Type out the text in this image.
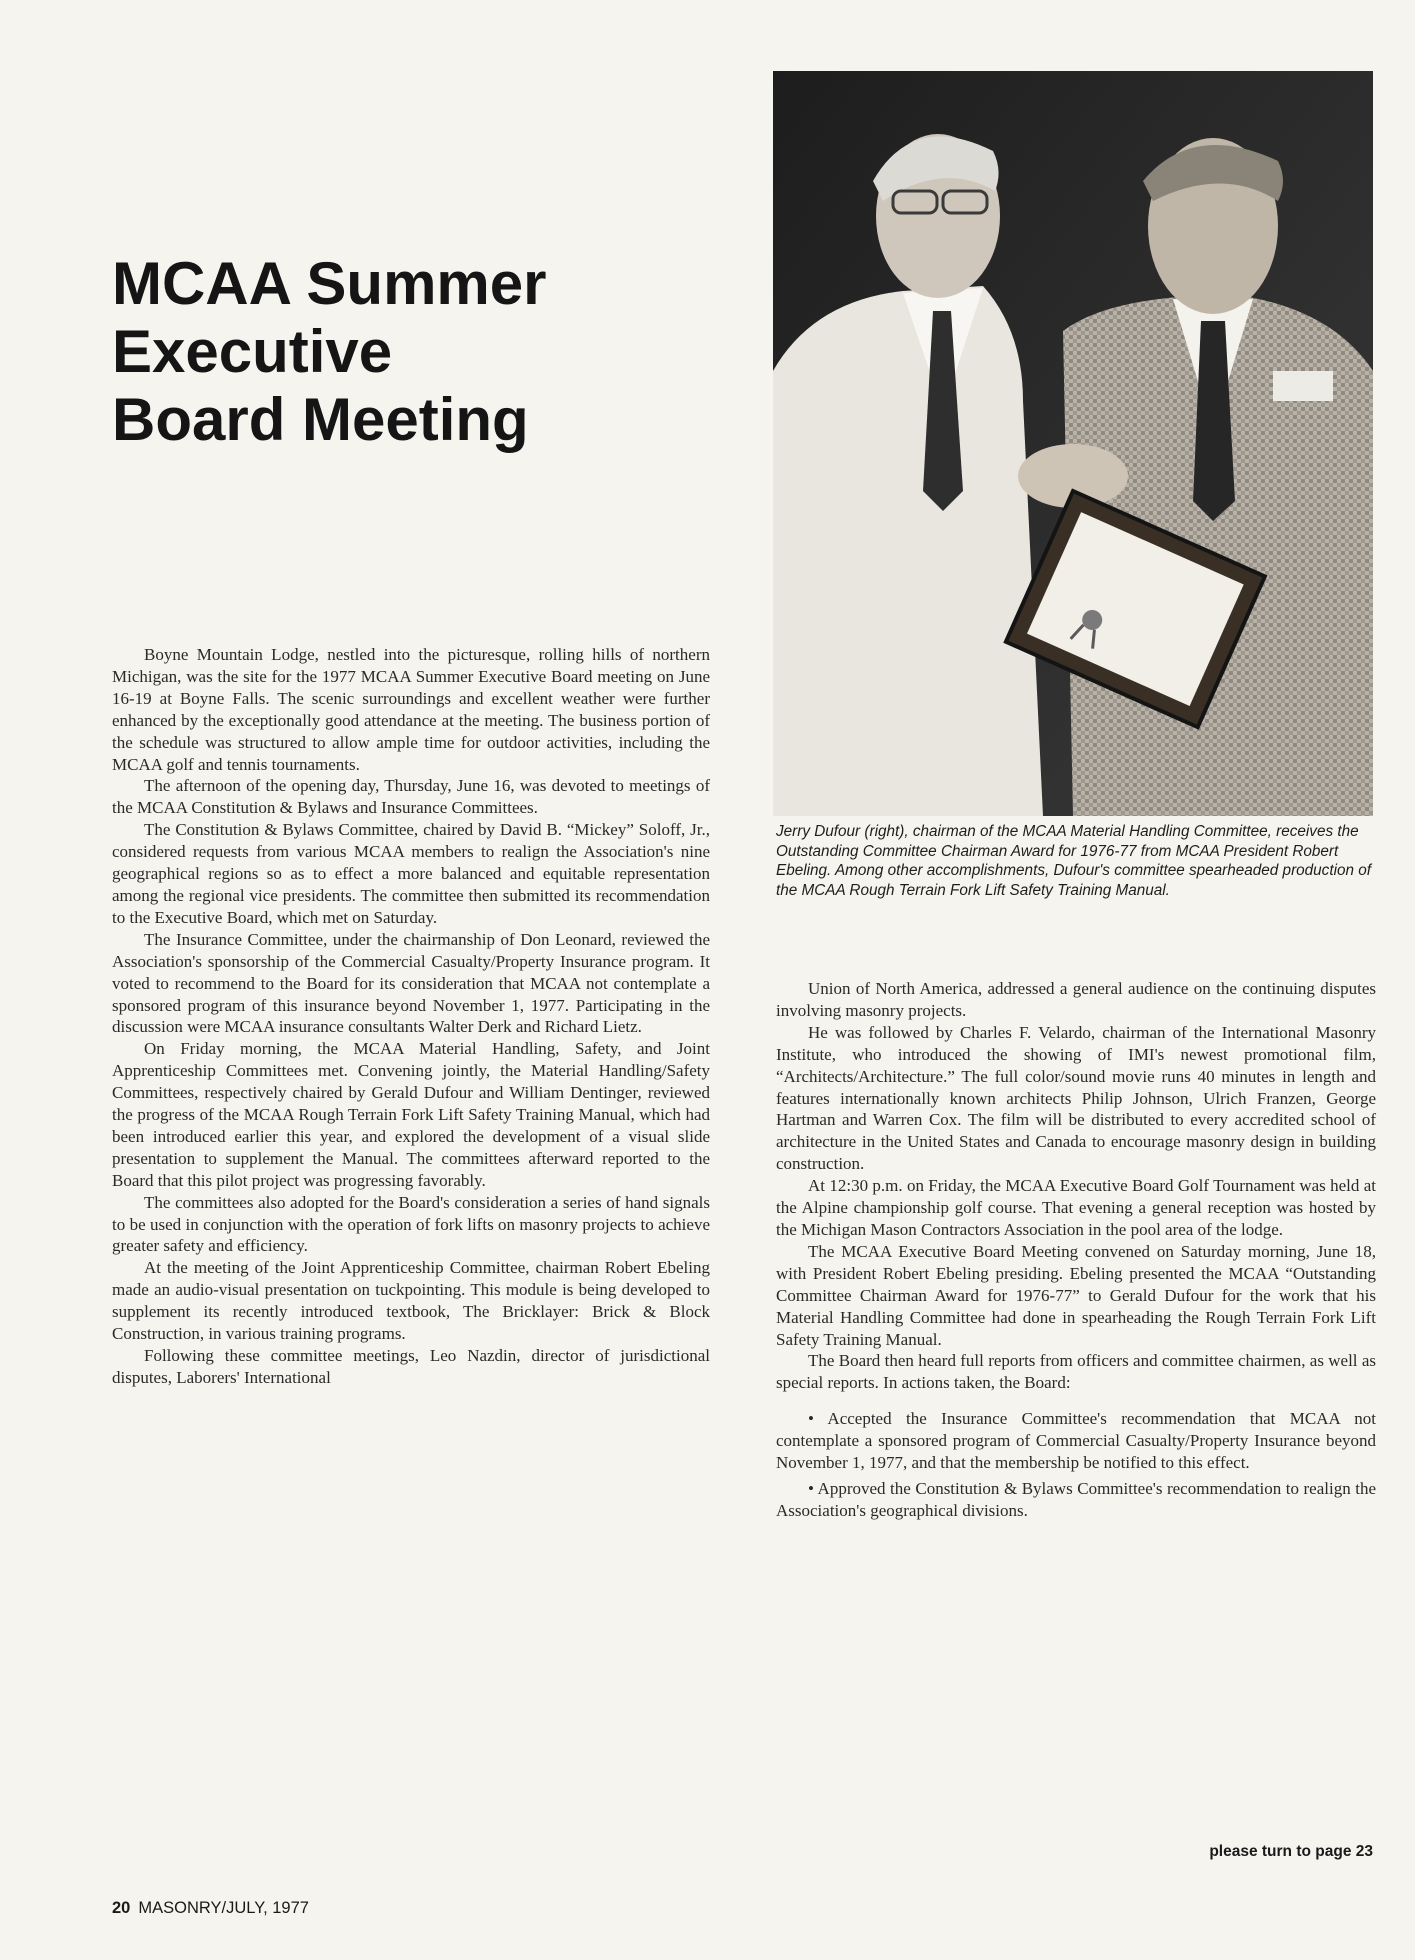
MCAA Summer
Executive
Board Meeting

Jerry Dufour (right), chairman of the MCAA Material Handling Committee, receives the Outstanding Committee Chairman Award for 1976-77 from MCAA President Robert Ebeling. Among other accomplishments, Dufour's committee spearheaded production of the MCAA Rough Terrain Fork Lift Safety Training Manual.

Boyne Mountain Lodge, nestled into the picturesque, rolling hills of northern Michigan, was the site for the 1977 MCAA Summer Executive Board meeting on June 16-19 at Boyne Falls. The scenic surroundings and excellent weather were further enhanced by the exceptionally good attendance at the meeting. The business portion of the schedule was structured to allow ample time for outdoor activities, including the MCAA golf and tennis tournaments.

The afternoon of the opening day, Thursday, June 16, was devoted to meetings of the MCAA Constitution & Bylaws and Insurance Committees.

The Constitution & Bylaws Committee, chaired by David B. “Mickey” Soloff, Jr., considered requests from various MCAA members to realign the Association's nine geographical regions so as to effect a more balanced and equitable representation among the regional vice presidents. The committee then submitted its recommendation to the Executive Board, which met on Saturday.

The Insurance Committee, under the chairmanship of Don Leonard, reviewed the Association's sponsorship of the Commercial Casualty/Property Insurance program. It voted to recommend to the Board for its consideration that MCAA not contemplate a sponsored program of this insurance beyond November 1, 1977. Participating in the discussion were MCAA insurance consultants Walter Derk and Richard Lietz.

On Friday morning, the MCAA Material Handling, Safety, and Joint Apprenticeship Committees met. Convening jointly, the Material Handling/Safety Committees, respectively chaired by Gerald Dufour and William Dentinger, reviewed the progress of the MCAA Rough Terrain Fork Lift Safety Training Manual, which had been introduced earlier this year, and explored the development of a visual slide presentation to supplement the Manual. The committees afterward reported to the Board that this pilot project was progressing favorably.

The committees also adopted for the Board's consideration a series of hand signals to be used in conjunction with the operation of fork lifts on masonry projects to achieve greater safety and efficiency.

At the meeting of the Joint Apprenticeship Committee, chairman Robert Ebeling made an audio-visual presentation on tuckpointing. This module is being developed to supplement its recently introduced textbook, The Bricklayer: Brick & Block Construction, in various training programs.

Following these committee meetings, Leo Nazdin, director of jurisdictional disputes, Laborers' International

Union of North America, addressed a general audience on the continuing disputes involving masonry projects.

He was followed by Charles F. Velardo, chairman of the International Masonry Institute, who introduced the showing of IMI's newest promotional film, “Architects/Architecture.” The full color/sound movie runs 40 minutes in length and features internationally known architects Philip Johnson, Ulrich Franzen, George Hartman and Warren Cox. The film will be distributed to every accredited school of architecture in the United States and Canada to encourage masonry design in building construction.

At 12:30 p.m. on Friday, the MCAA Executive Board Golf Tournament was held at the Alpine championship golf course. That evening a general reception was hosted by the Michigan Mason Contractors Association in the pool area of the lodge.

The MCAA Executive Board Meeting convened on Saturday morning, June 18, with President Robert Ebeling presiding. Ebeling presented the MCAA “Outstanding Committee Chairman Award for 1976-77” to Gerald Dufour for the work that his Material Handling Committee had done in spearheading the Rough Terrain Fork Lift Safety Training Manual.

The Board then heard full reports from officers and committee chairmen, as well as special reports. In actions taken, the Board:

• Accepted the Insurance Committee's recommendation that MCAA not contemplate a sponsored program of Commercial Casualty/Property Insurance beyond November 1, 1977, and that the membership be notified to this effect.

• Approved the Constitution & Bylaws Committee's recommendation to realign the Association's geographical divisions.

please turn to page 23

20 MASONRY/JULY, 1977
